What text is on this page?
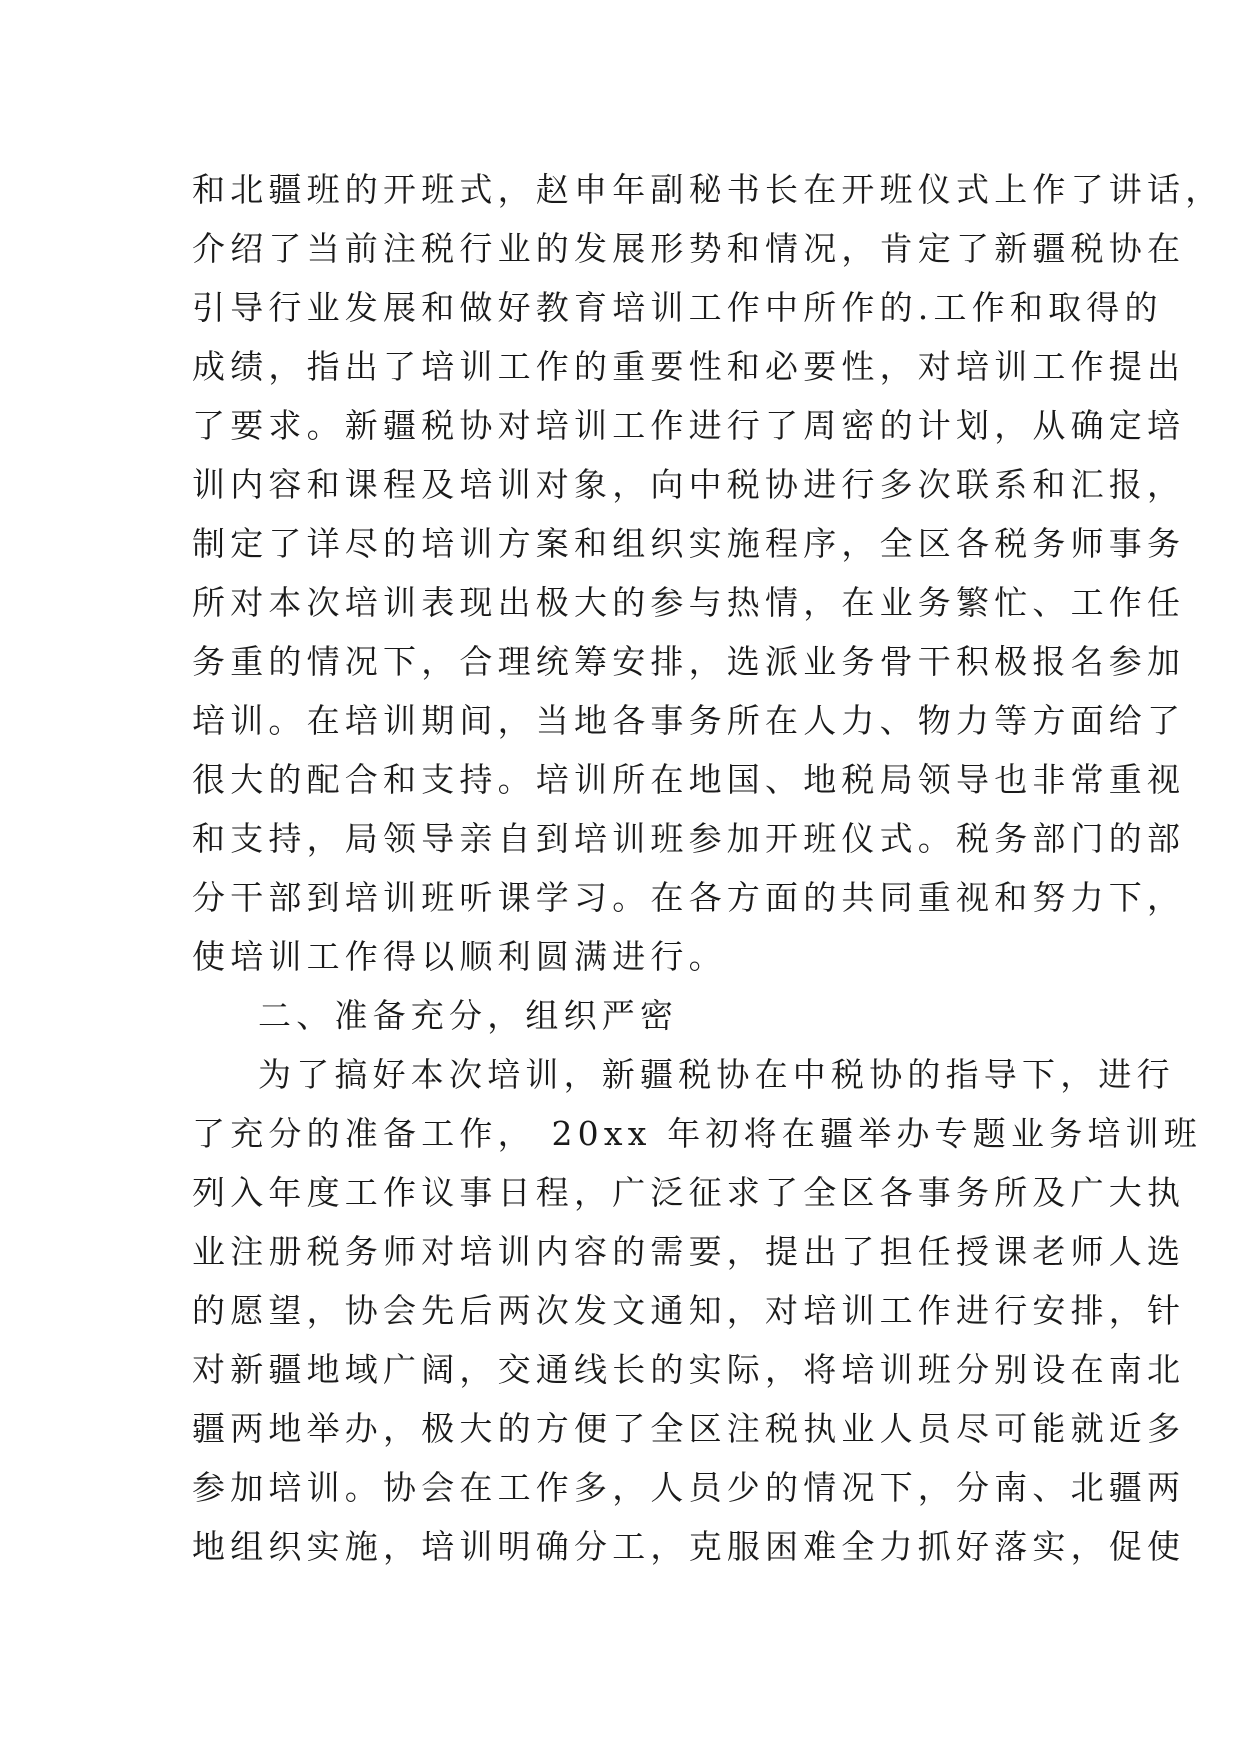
和北疆班的开班式，赵申年副秘书长在开班仪式上作了讲话，
介绍了当前注税行业的发展形势和情况，肯定了新疆税协在
引导行业发展和做好教育培训工作中所作的.工作和取得的
成绩，指出了培训工作的重要性和必要性，对培训工作提出
了要求。新疆税协对培训工作进行了周密的计划，从确定培
训内容和课程及培训对象，向中税协进行多次联系和汇报，
制定了详尽的培训方案和组织实施程序，全区各税务师事务
所对本次培训表现出极大的参与热情，在业务繁忙、工作任
务重的情况下，合理统筹安排，选派业务骨干积极报名参加
培训。在培训期间，当地各事务所在人力、物力等方面给了
很大的配合和支持。培训所在地国、地税局领导也非常重视
和支持，局领导亲自到培训班参加开班仪式。税务部门的部
分干部到培训班听课学习。在各方面的共同重视和努力下，
使培训工作得以顺利圆满进行。
二、准备充分，组织严密
为了搞好本次培训，新疆税协在中税协的指导下，进行
了充分的准备工作， 20xx 年初将在疆举办专题业务培训班
列入年度工作议事日程，广泛征求了全区各事务所及广大执
业注册税务师对培训内容的需要，提出了担任授课老师人选
的愿望，协会先后两次发文通知，对培训工作进行安排，针
对新疆地域广阔，交通线长的实际，将培训班分别设在南北
疆两地举办，极大的方便了全区注税执业人员尽可能就近多
参加培训。协会在工作多，人员少的情况下，分南、北疆两
地组织实施，培训明确分工，克服困难全力抓好落实，促使
